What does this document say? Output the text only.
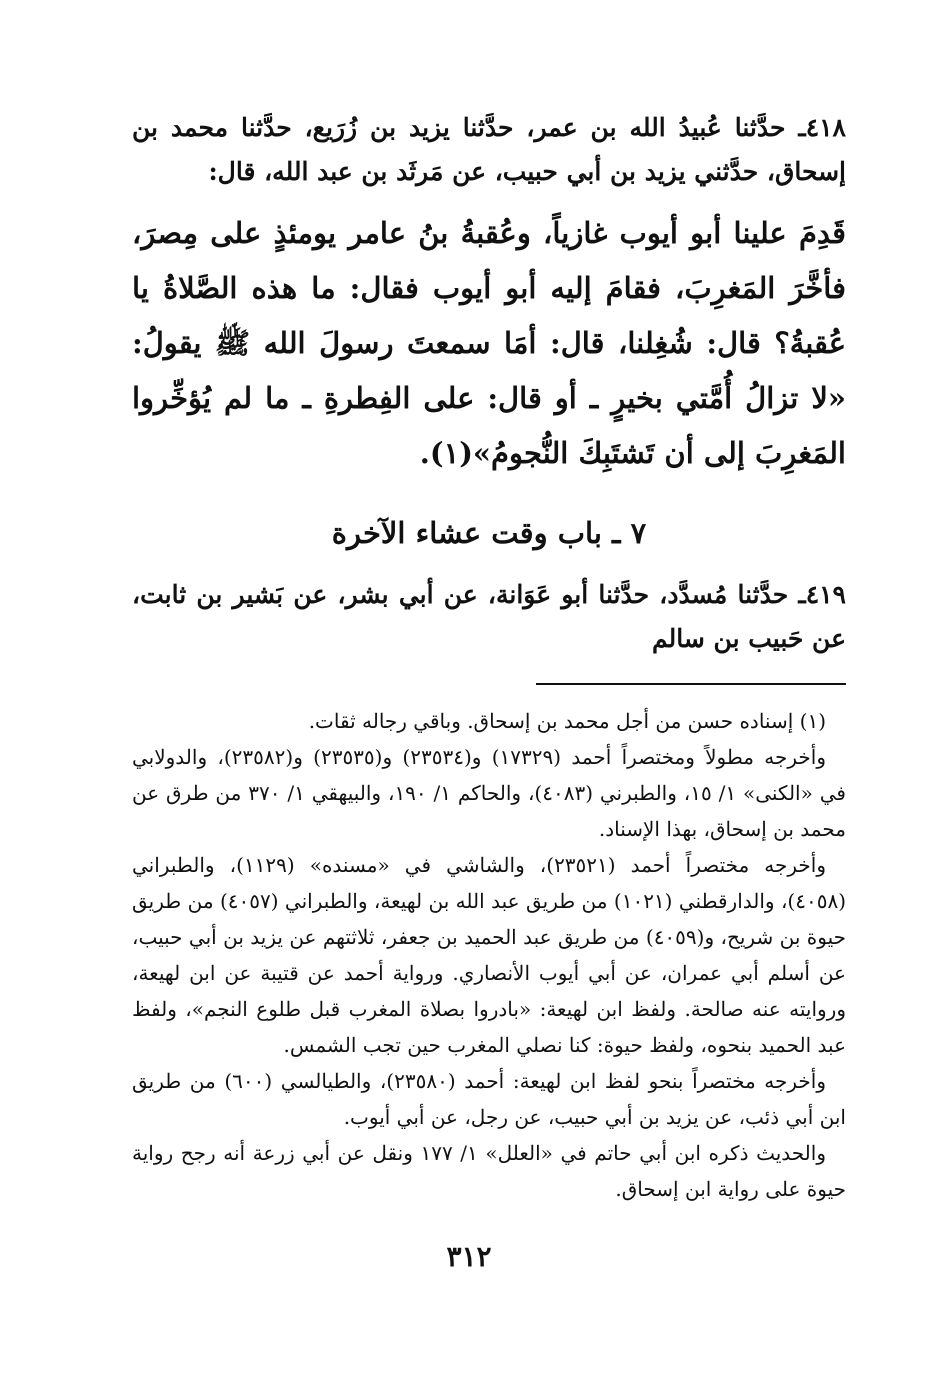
٤١٨ـ حدَّثنا عُبيدُ الله بن عمر، حدَّثنا يزيد بن زُرَيع، حدَّثنا محمد بن إسحاق، حدَّثني يزيد بن أبي حبيب، عن مَرثَد بن عبد الله، قال:

قَدِمَ علينا أبو أيوب غازياً، وعُقبةُ بنُ عامر يومئذٍ على مِصرَ، فأخَّرَ المَغرِبَ، فقامَ إليه أبو أيوب فقال: ما هذه الصَّلاةُ يا عُقبةُ؟ قال: شُغِلنا، قال: أمَا سمعتَ رسولَ الله ﷺ يقولُ: «لا تزالُ أُمَّتي بخيرٍ ـ أو قال: على الفِطرةِ ـ ما لم يُؤخِّروا المَغرِبَ إلى أن تَشتَبِكَ النُّجومُ»(١).

٧ ـ باب وقت عشاء الآخرة

٤١٩ـ حدَّثنا مُسدَّد، حدَّثنا أبو عَوَانة، عن أبي بشر، عن بَشير بن ثابت، عن حَبيب بن سالم

(١) إسناده حسن من أجل محمد بن إسحاق. وباقي رجاله ثقات.

وأخرجه مطولاً ومختصراً أحمد (١٧٣٢٩) و(٢٣٥٣٤) و(٢٣٥٣٥) و(٢٣٥٨٢)، والدولابي في «الكنى» ١/ ١٥، والطبرني (٤٠٨٣)، والحاكم ١/ ١٩٠، والبيهقي ١/ ٣٧٠ من طرق عن محمد بن إسحاق، بهذا الإسناد.

وأخرجه مختصراً أحمد (٢٣٥٢١)، والشاشي في «مسنده» (١١٢٩)، والطبراني (٤٠٥٨)، والدارقطني (١٠٢١) من طريق عبد الله بن لهيعة، والطبراني (٤٠٥٧) من طريق حيوة بن شريح، و(٤٠٥٩) من طريق عبد الحميد بن جعفر، ثلاثتهم عن يزيد بن أبي حبيب، عن أسلم أبي عمران، عن أبي أيوب الأنصاري. ورواية أحمد عن قتيبة عن ابن لهيعة، وروايته عنه صالحة. ولفظ ابن لهيعة: «بادروا بصلاة المغرب قبل طلوع النجم»، ولفظ عبد الحميد بنحوه، ولفظ حيوة: كنا نصلي المغرب حين تجب الشمس.

وأخرجه مختصراً بنحو لفظ ابن لهيعة: أحمد (٢٣٥٨٠)، والطيالسي (٦٠٠) من طريق ابن أبي ذئب، عن يزيد بن أبي حبيب، عن رجل، عن أبي أيوب.

والحديث ذكره ابن أبي حاتم في «العلل» ١/ ١٧٧ ونقل عن أبي زرعة أنه رجح رواية حيوة على رواية ابن إسحاق.

٣١٢
